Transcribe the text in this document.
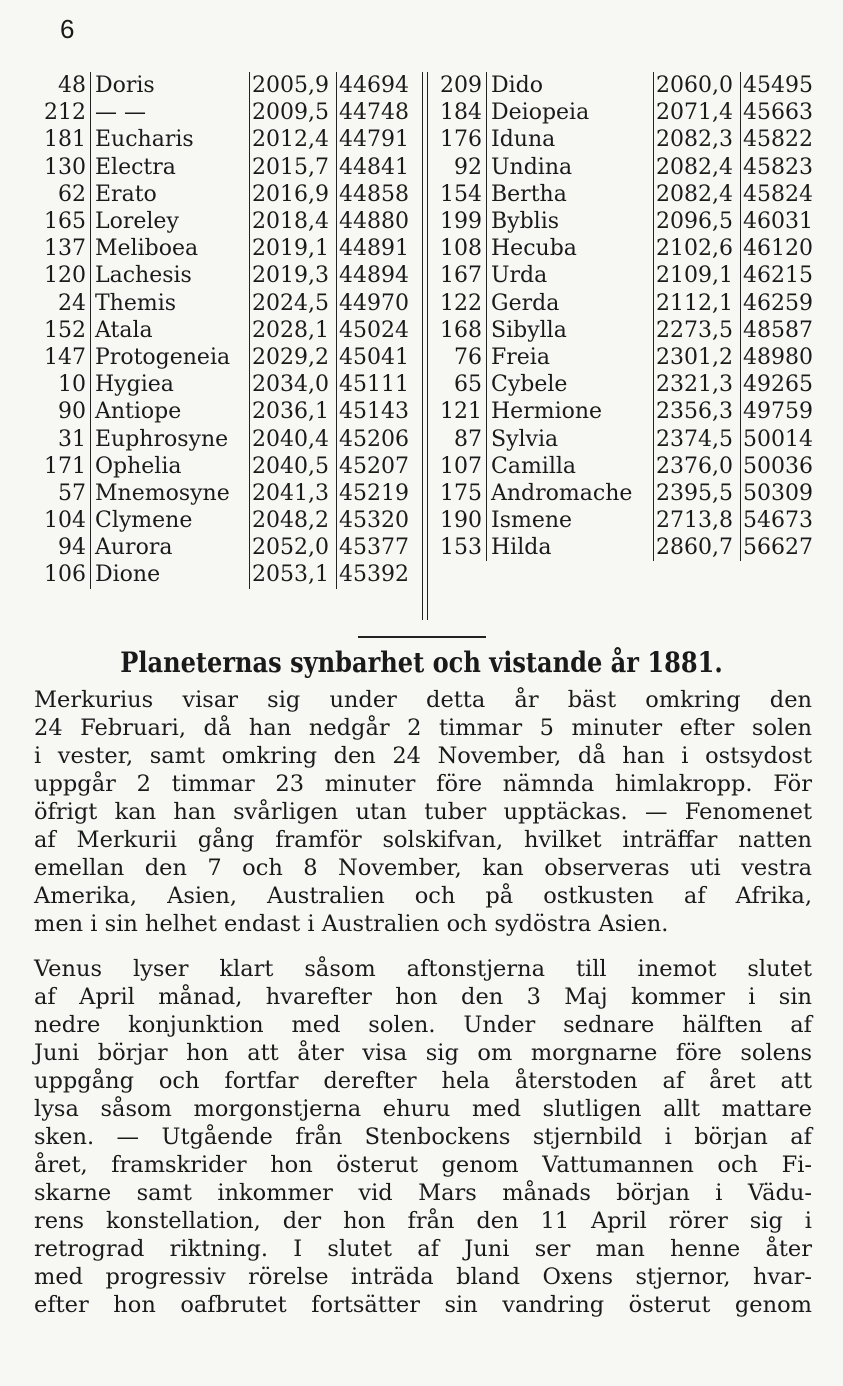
6
48	Doris	2005,9	44694
212	— —	2009,5	44748
181	Eucharis	2012,4	44791
130	Electra	2015,7	44841
62	Erato	2016,9	44858
165	Loreley	2018,4	44880
137	Meliboea	2019,1	44891
120	Lachesis	2019,3	44894
24	Themis	2024,5	44970
152	Atala	2028,1	45024
147	Protogeneia	2029,2	45041
10	Hygiea	2034,0	45111
90	Antiope	2036,1	45143
31	Euphrosyne	2040,4	45206
171	Ophelia	2040,5	45207
57	Mnemosyne	2041,3	45219
104	Clymene	2048,2	45320
94	Aurora	2052,0	45377
106	Dione	2053,1	45392
209	Dido	2060,0	45495
184	Deiopeia	2071,4	45663
176	Iduna	2082,3	45822
92	Undina	2082,4	45823
154	Bertha	2082,4	45824
199	Byblis	2096,5	46031
108	Hecuba	2102,6	46120
167	Urda	2109,1	46215
122	Gerda	2112,1	46259
168	Sibylla	2273,5	48587
76	Freia	2301,2	48980
65	Cybele	2321,3	49265
121	Hermione	2356,3	49759
87	Sylvia	2374,5	50014
107	Camilla	2376,0	50036
175	Andromache	2395,5	50309
190	Ismene	2713,8	54673
153	Hilda	2860,7	56627
Planeternas synbarhet och vistande år 1881.
Merkurius visar sig under detta år bäst omkring den
24 Februari, då han nedgår 2 timmar 5 minuter efter solen
i vester, samt omkring den 24 November, då han i ostsydost
uppgår 2 timmar 23 minuter före nämnda himlakropp. För
öfrigt kan han svårligen utan tuber upptäckas. — Fenomenet
af Merkurii gång framför solskifvan, hvilket inträffar natten
emellan den 7 och 8 November, kan observeras uti vestra
Amerika, Asien, Australien och på ostkusten af Afrika,
men i sin helhet endast i Australien och sydöstra Asien.
Venus lyser klart såsom aftonstjerna till inemot slutet
af April månad, hvarefter hon den 3 Maj kommer i sin
nedre konjunktion med solen. Under sednare hälften af
Juni börjar hon att åter visa sig om morgnarne före solens
uppgång och fortfar derefter hela återstoden af året att
lysa såsom morgonstjerna ehuru med slutligen allt mattare
sken. — Utgående från Stenbockens stjernbild i början af
året, framskrider hon österut genom Vattumannen och Fi-
skarne samt inkommer vid Mars månads början i Vädu-
rens konstellation, der hon från den 11 April rörer sig i
retrograd riktning. I slutet af Juni ser man henne åter
med progressiv rörelse inträda bland Oxens stjernor, hvar-
efter hon oafbrutet fortsätter sin vandring österut genom
